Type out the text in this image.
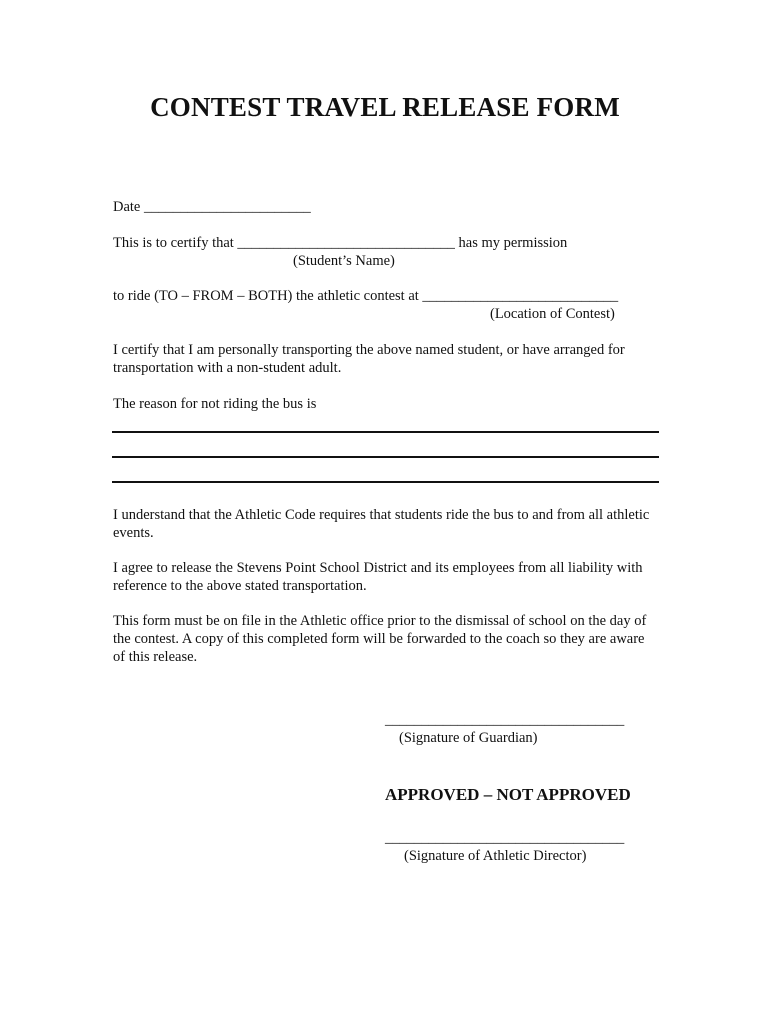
CONTEST TRAVEL RELEASE FORM
Date _______________________
This is to certify that ______________________________ has my permission
(Student’s Name)
to ride (TO – FROM – BOTH) the athletic contest at ___________________________
(Location of Contest)
I certify that I am personally transporting the above named student, or have arranged for transportation with a non-student adult.
The reason for not riding the bus is
I understand that the Athletic Code requires that students ride the bus to and from all athletic events.
I agree to release the Stevens Point School District and its employees from all liability with reference to the above stated transportation.
This form must be on file in the Athletic office prior to the dismissal of school on the day of the contest. A copy of this completed form will be forwarded to the coach so they are aware of this release.
_________________________________
(Signature of Guardian)
APPROVED – NOT APPROVED
_________________________________
(Signature of Athletic Director)
